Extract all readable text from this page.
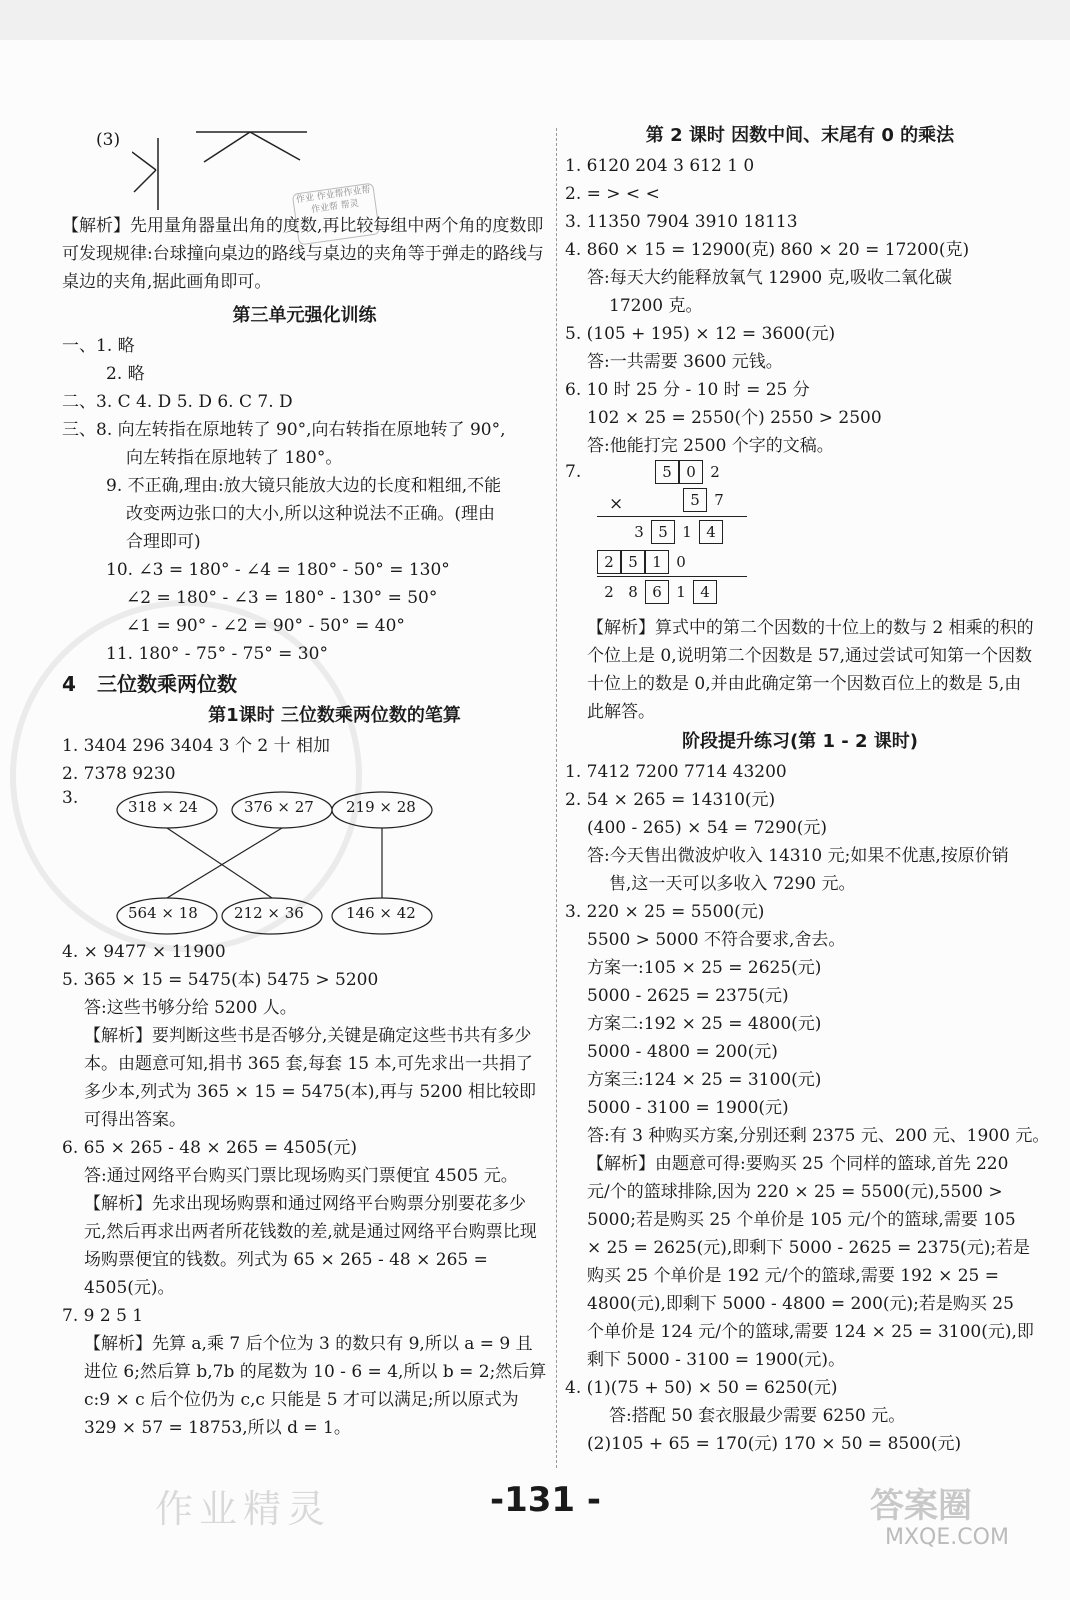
作业 作业帮作业帮作业帮 帮灵
(3)
【解析】先用量角器量出角的度数,再比较每组中两个角的度数即可发现规律:台球撞向桌边的路线与桌边的夹角等于弹走的路线与桌边的夹角,据此画角即可。
第三单元强化训练
一、1. 略
2. 略
二、3. C 4. D 5. D 6. C 7. D
三、8. 向左转指在原地转了 90°,向右转指在原地转了 90°,
向左转指在原地转了 180°。
9. 不正确,理由:放大镜只能放大边的长度和粗细,不能
改变两边张口的大小,所以这种说法不正确。(理由
合理即可)
10. ∠3 = 180° - ∠4 = 180° - 50° = 130°
∠2 = 180° - ∠3 = 180° - 130° = 50°
∠1 = 90° - ∠2 = 90° - 50° = 40°
11. 180° - 75° - 75° = 30°
4 三位数乘两位数
第1课时 三位数乘两位数的笔算
1. 3404 296 3404 3 个 2 十 相加
2. 7378 9230
3.	318 × 24	376 × 27 219 × 28
564 × 18 212 × 36	146 × 42
4. × 9477 × 11900
5. 365 × 15 = 5475(本) 5475 > 5200
答:这些书够分给 5200 人。
【解析】要判断这些书是否够分,关键是确定这些书共有多少本。由题意可知,捐书 365 套,每套 15 本,可先求出一共捐了多少本,列式为 365 × 15 = 5475(本),再与 5200 相比较即可得出答案。
6. 65 × 265 - 48 × 265 = 4505(元)
答:通过网络平台购买门票比现场购买门票便宜 4505 元。
【解析】先求出现场购票和通过网络平台购票分别要花多少元,然后再求出两者所花钱数的差,就是通过网络平台购票比现场购票便宜的钱数。列式为 65 × 265 - 48 × 265 = 4505(元)。
7. 9 2 5 1
【解析】先算 a,乘 7 后个位为 3 的数只有 9,所以 a = 9 且进位 6;然后算 b,7b 的尾数为 10 - 6 = 4,所以 b = 2;然后算 c:9 × c 后个位仍为 c,c 只能是 5 才可以满足;所以原式为 329 × 57 = 18753,所以 d = 1。
第 2 课时 因数中间、末尾有 0 的乘法
1. 6120 204 3 612 1 0
2. = > < <
3. 11350 7904 3910 18113
4. 860 × 15 = 12900(克) 860 × 20 = 17200(克)
答:每天大约能释放氧气 12900 克,吸收二氧化碳
17200 克。
5. (105 + 195) × 12 = 3600(元)
答:一共需要 3600 元钱。
6. 10 时 25 分 - 10 时 = 25 分
102 × 25 = 2550(个) 2550 > 2500
答:他能打完 2500 个字的文稿。
7.	5 0 2
×	5 7
3 5 1 4
2 5 1 0
2 8 6 1 4
【解析】算式中的第二个因数的十位上的数与 2 相乘的积的个位上是 0,说明第二个因数是 57,通过尝试可知第一个因数十位上的数是 0,并由此确定第一个因数百位上的数是 5,由此解答。
阶段提升练习(第 1 - 2 课时)
1. 7412 7200 7714 43200
2. 54 × 265 = 14310(元)
(400 - 265) × 54 = 7290(元)
答:今天售出微波炉收入 14310 元;如果不优惠,按原价销
售,这一天可以多收入 7290 元。
3. 220 × 25 = 5500(元)
5500 > 5000 不符合要求,舍去。
方案一:105 × 25 = 2625(元)
5000 - 2625 = 2375(元)
方案二:192 × 25 = 4800(元)
5000 - 4800 = 200(元)
方案三:124 × 25 = 3100(元)
5000 - 3100 = 1900(元)
答:有 3 种购买方案,分别还剩 2375 元、200 元、1900 元。
【解析】由题意可得:要购买 25 个同样的篮球,首先 220 元/个的篮球排除,因为 220 × 25 = 5500(元),5500 > 5000;若是购买 25 个单价是 105 元/个的篮球,需要 105 × 25 = 2625(元),即剩下 5000 - 2625 = 2375(元);若是购买 25 个单价是 192 元/个的篮球,需要 192 × 25 = 4800(元),即剩下 5000 - 4800 = 200(元);若是购买 25 个单价是 124 元/个的篮球,需要 124 × 25 = 3100(元),即剩下 5000 - 3100 = 1900(元)。
4. (1)(75 + 50) × 50 = 6250(元)
答:搭配 50 套衣服最少需要 6250 元。
(2)105 + 65 = 170(元) 170 × 50 = 8500(元)
-131 -
作业精灵	答案圈
MXQE.COM
